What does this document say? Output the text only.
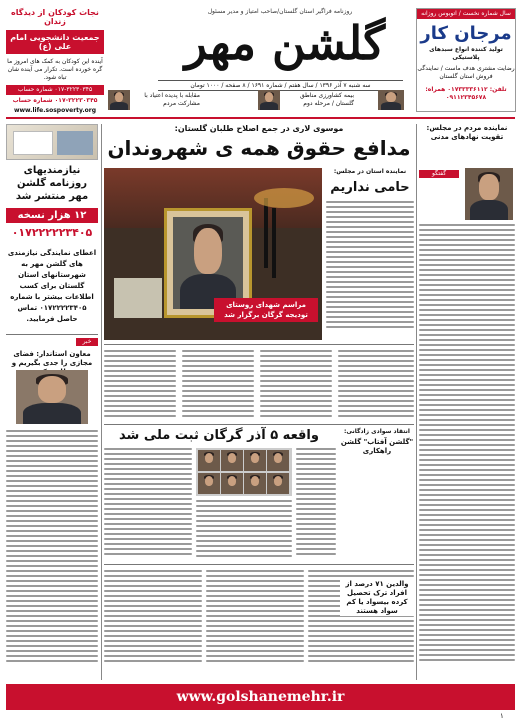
نجات کودکان از دیدگاه زندان
جمعیت دانشجویی امام علی (ع)
آینده این کودکان به کمک های امروز ما گره خورده است. تکرار می آینده شان تباه شود.
۰۱۷-۳۲۲۳۰۳۴۵ شماره حساب
۰۱۷-۳۲۲۳۰۳۴۵ شماره حساب
www.life.sospoverty.org
روزنامه فراگیر استان گلستان/صاحب امتیاز و مدیر مسئول
گلشن مهر
سه شنبه ۷ آذر ۱۳۹۶ / سال هفتم / شماره ۱۶۹۱ / ۸ صفحه / ۱۰۰۰ تومان
مقابله با پدیده اعتیاد با مشارکت مردم
بیمه کشاورزی مناطق گلستان / مرحله دوم
سال شماره نخست / اتوبوس روزانه
مرجان کار
تولید کننده انواع سبدهای پلاستیکی
رضایت مشتری هدف ماست / نمایندگی فروش استان گلستان
تلفن: ۰۱۷۳۳۳۳۶۱۱۲ همراه: ۰۹۱۱۲۳۴۵۶۷۸
نیازمندیهای روزنامه گلشن مهر منتشر شد
۱۲ هزار نسخه
۰۱۷۲۲۲۲۲۳۴۰۵
اعطای نمایندگی نیازمندی های گلشن مهر به شهرستانهای استان گلستان برای کسب اطلاعات بیشتر با شماره ۰۱۷۲۲۲۲۳۴۰۵ تماس حاصل فرمایید.
خبر
معاون استاندار: فضای مجازی را جدی بگیریم و
موسوی لاری در جمع اصلاح طلبان گلستان:
مدافع حقوق همه ی شهروندان
مراسم شهدای روستای
تودیجه گرگان برگزار شد
نماینده استان در مجلس:
حامی نداریم
واقعه ۵ آذر گرگان ثبت ملی شد	انتقاد سوادی زادگانی:
"گلشن آفتاب" گلشن راهکاری
نماینده مردم در مجلس: تقویت نهادهای مدنی
گفتگو
والدین ۷۱ درصد از افراد ترک تحصیل کرده بیسواد یا کم سواد هستند
www.golshanemehr.ir
۱
